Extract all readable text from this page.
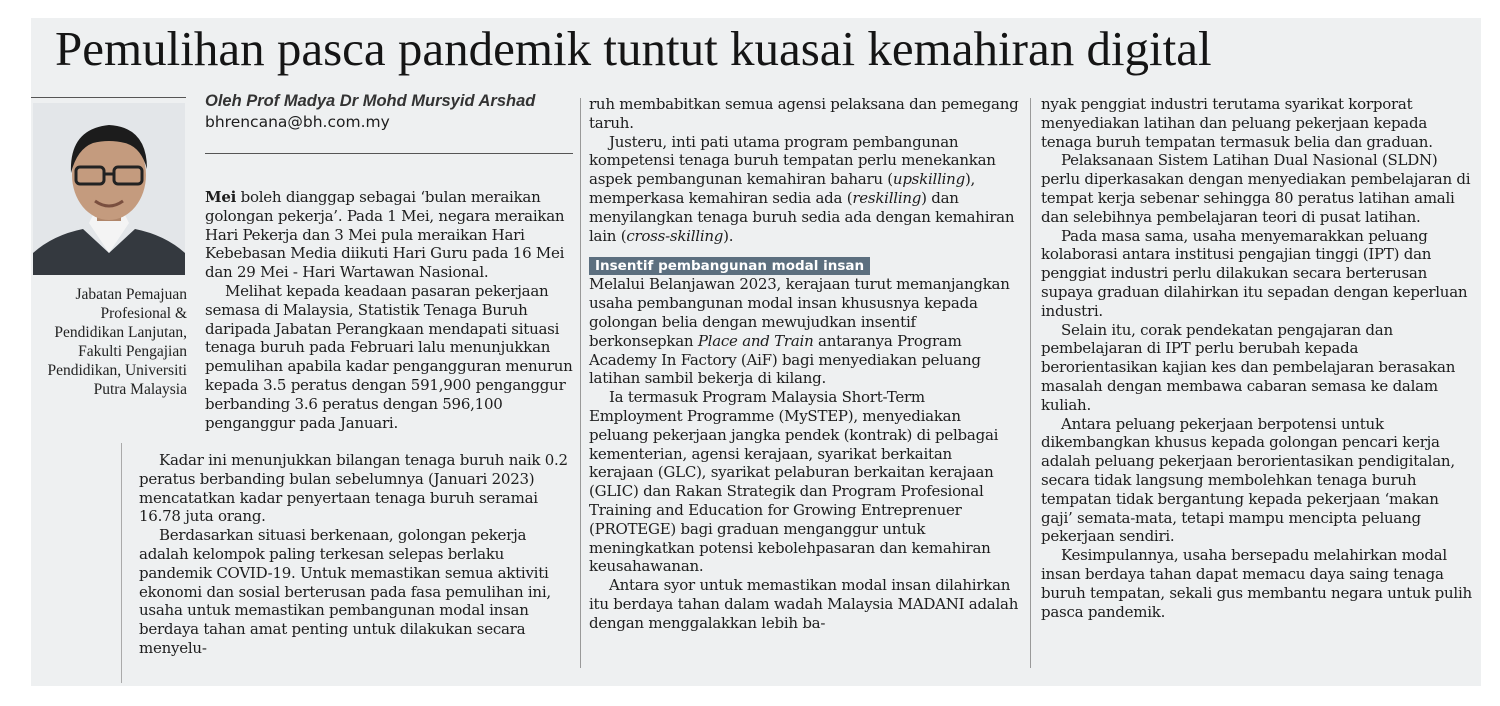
Pemulihan pasca pandemik tuntut kuasai kemahiran digital
Jabatan Pemajuan Profesional & Pendidikan Lanjutan, Fakulti Pengajian Pendidikan, Universiti Putra Malaysia
Oleh Prof Madya Dr Mohd Mursyid Arshad
bhrencana@bh.com.my

Mei boleh dianggap sebagai ‘bulan meraikan golongan pekerja’. Pada 1 Mei, negara meraikan Hari Pekerja dan 3 Mei pula meraikan Hari Kebebasan Media diikuti Hari Guru pada 16 Mei dan 29 Mei - Hari Wartawan Nasional.

Melihat kepada keadaan pasaran pekerjaan semasa di Malaysia, Statistik Tenaga Buruh daripada Jabatan Perangkaan mendapati situasi tenaga buruh pada Februari lalu menunjukkan pemulihan apabila kadar pengangguran menurun kepada 3.5 peratus dengan 591,900 penganggur berbanding 3.6 peratus dengan 596,100 penganggur pada Januari.

Kadar ini menunjukkan bilangan tenaga buruh naik 0.2 peratus berbanding bulan sebelumnya (Januari 2023) mencatatkan kadar penyertaan tenaga buruh seramai 16.78 juta orang.

Berdasarkan situasi berkenaan, golongan pekerja adalah kelompok paling terkesan selepas berlaku pandemik COVID-19. Untuk memastikan semua aktiviti ekonomi dan sosial berterusan pada fasa pemulihan ini, usaha untuk memastikan pembangunan modal insan berdaya tahan amat penting untuk dilakukan secara menyelu-

ruh membabitkan semua agensi pelaksana dan pemegang taruh.

Justeru, inti pati utama program pembangunan kompetensi tenaga buruh tempatan perlu menekankan aspek pembangunan kemahiran baharu (upskilling), memperkasa kemahiran sedia ada (reskilling) dan menyilangkan tenaga buruh sedia ada dengan kemahiran lain (cross-skilling).

Insentif pembangunan modal insan

Melalui Belanjawan 2023, kerajaan turut memanjangkan usaha pembangunan modal insan khususnya kepada golongan belia dengan mewujudkan insentif berkonsepkan Place and Train antaranya Program Academy In Factory (AiF) bagi menyediakan peluang latihan sambil bekerja di kilang.

Ia termasuk Program Malaysia Short-Term Employment Programme (MySTEP), menyediakan peluang pekerjaan jangka pendek (kontrak) di pelbagai kementerian, agensi kerajaan, syarikat berkaitan kerajaan (GLC), syarikat pelaburan berkaitan kerajaan (GLIC) dan Rakan Strategik dan Program Profesional Training and Education for Growing Entreprenuer (PROTEGE) bagi graduan menganggur untuk meningkatkan potensi kebolehpasaran dan kemahiran keusahawanan.

Antara syor untuk memastikan modal insan dilahirkan itu berdaya tahan dalam wadah Malaysia MADANI adalah dengan menggalakkan lebih ba-

nyak penggiat industri terutama syarikat korporat menyediakan latihan dan peluang pekerjaan kepada tenaga buruh tempatan termasuk belia dan graduan.

Pelaksanaan Sistem Latihan Dual Nasional (SLDN) perlu diperkasakan dengan menyediakan pembelajaran di tempat kerja sebenar sehingga 80 peratus latihan amali dan selebihnya pembelajaran teori di pusat latihan.

Pada masa sama, usaha menyemarakkan peluang kolaborasi antara institusi pengajian tinggi (IPT) dan penggiat industri perlu dilakukan secara berterusan supaya graduan dilahirkan itu sepadan dengan keperluan industri.

Selain itu, corak pendekatan pengajaran dan pembelajaran di IPT perlu berubah kepada berorientasikan kajian kes dan pembelajaran berasakan masalah dengan membawa cabaran semasa ke dalam kuliah.

Antara peluang pekerjaan berpotensi untuk dikembangkan khusus kepada golongan pencari kerja adalah peluang pekerjaan berorientasikan pendigitalan, secara tidak langsung membolehkan tenaga buruh tempatan tidak bergantung kepada pekerjaan ‘makan gaji’ semata-mata, tetapi mampu mencipta peluang pekerjaan sendiri.

Kesimpulannya, usaha bersepadu melahirkan modal insan berdaya tahan dapat memacu daya saing tenaga buruh tempatan, sekali gus membantu negara untuk pulih pasca pandemik.
